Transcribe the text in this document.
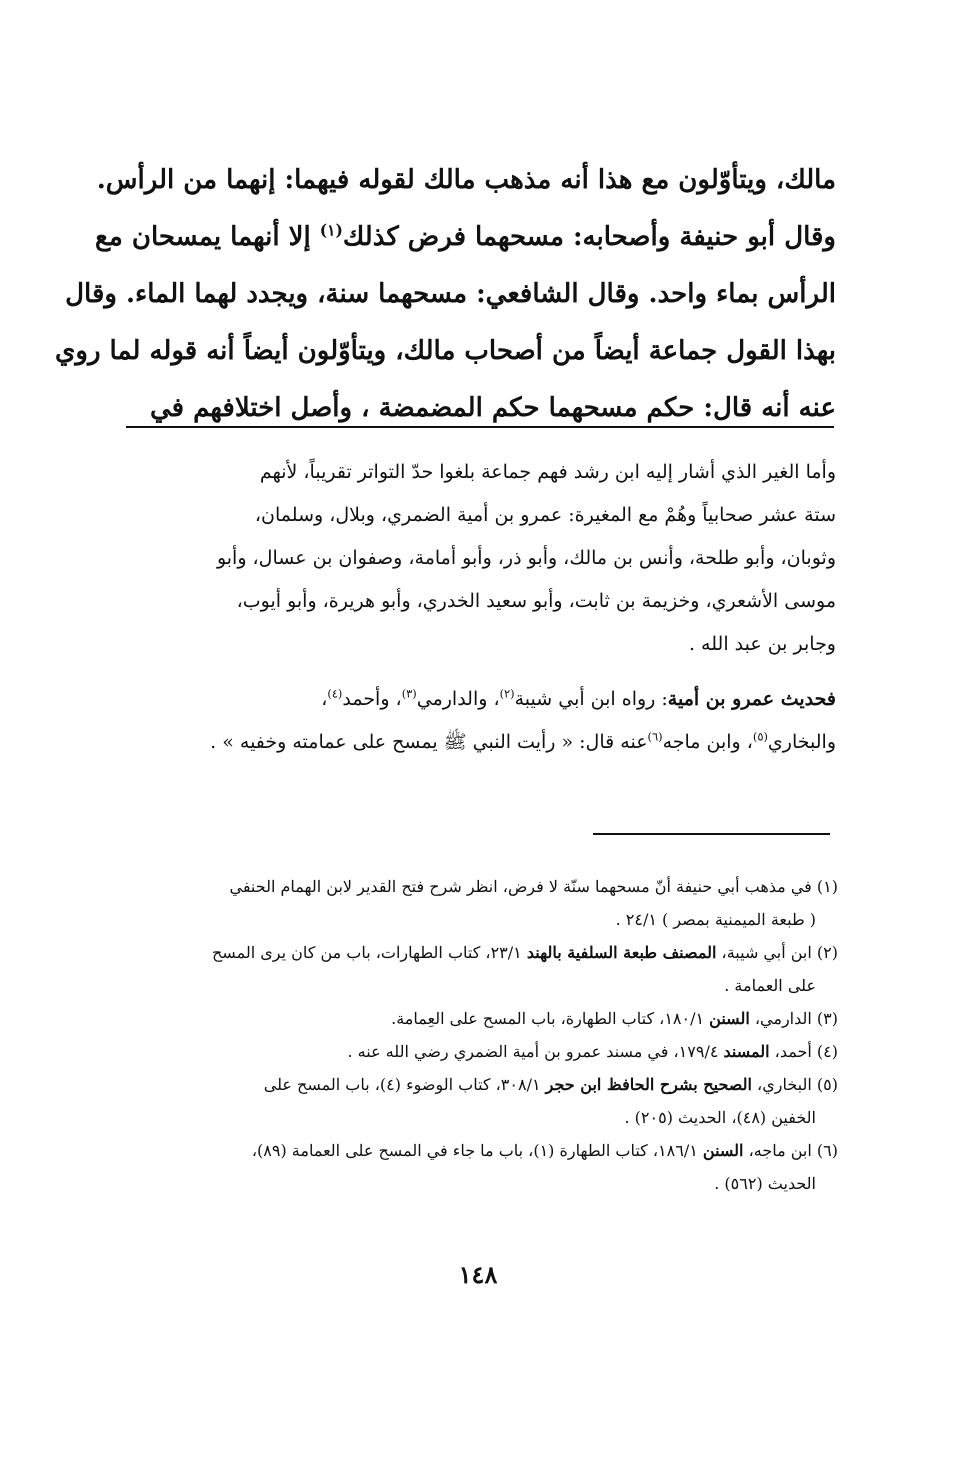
مالك، ويتأوّلون مع هذا أنه مذهب مالك لقوله فيهما: إنهما من الرأس.

وقال أبو حنيفة وأصحابه: مسحهما فرض كذلك$^{(١)}$ إلا أنهما يمسحان مع

الرأس بماء واحد. وقال الشافعي: مسحهما سنة، ويجدد لهما الماء. وقال

بهذا القول جماعة أيضاً من أصحاب مالك، ويتأوّلون أيضاً أنه قوله لما روي

عنه أنه قال: حكم مسحهما حكم المضمضة ، وأصل اختلافهم في

وأما الغير الذي أشار إليه ابن رشد فهم جماعة بلغوا حدّ التواتر تقريباً، لأنهم

ستة عشر صحابياً وهُمْ مع المغيرة: عمرو بن أمية الضمري، وبلال، وسلمان،

وثوبان، وأبو طلحة، وأنس بن مالك، وأبو ذر، وأبو أمامة، وصفوان بن عسال، وأبو

موسى الأشعري، وخزيمة بن ثابت، وأبو سعيد الخدري، وأبو هريرة، وأبو أيوب،

وجابر بن عبد الله .

فحديث عمرو بن أمية: رواه ابن أبي شيبة$^{(٢)}$، والدارمي$^{(٣)}$، وأحمد$^{(٤)}$،

والبخاري$^{(٥)}$، وابن ماجه$^{(٦)}$عنه قال: « رأيت النبي ﷺ يمسح على عمامته وخفيه » .

(١) في مذهب أبي حنيفة أنّ مسحهما سنّة لا فرض، انظر شرح فتح القدير لابن الهمام الحنفي

( طبعة الميمنية بمصر ) ٢٤/١ .

(٢) ابن أبي شيبة، المصنف طبعة السلفية بالهند ٢٣/١، كتاب الطهارات، باب من كان يرى المسح

على العمامة .

(٣) الدارمي، السنن ١٨٠/١، كتاب الطهارة، باب المسح على العِمامة.

(٤) أحمد، المسند ١٧٩/٤، في مسند عمرو بن أمية الضمري رضي الله عنه .

(٥) البخاري، الصحيح بشرح الحافظ ابن حجر ٣٠٨/١، كتاب الوضوء (٤)، باب المسح على

الخفين (٤٨)، الحديث (٢٠٥) .

(٦) ابن ماجه، السنن ١٨٦/١، كتاب الطهارة (١)، باب ما جاء في المسح على العمامة (٨٩)،

الحديث (٥٦٢) .

١٤٨
